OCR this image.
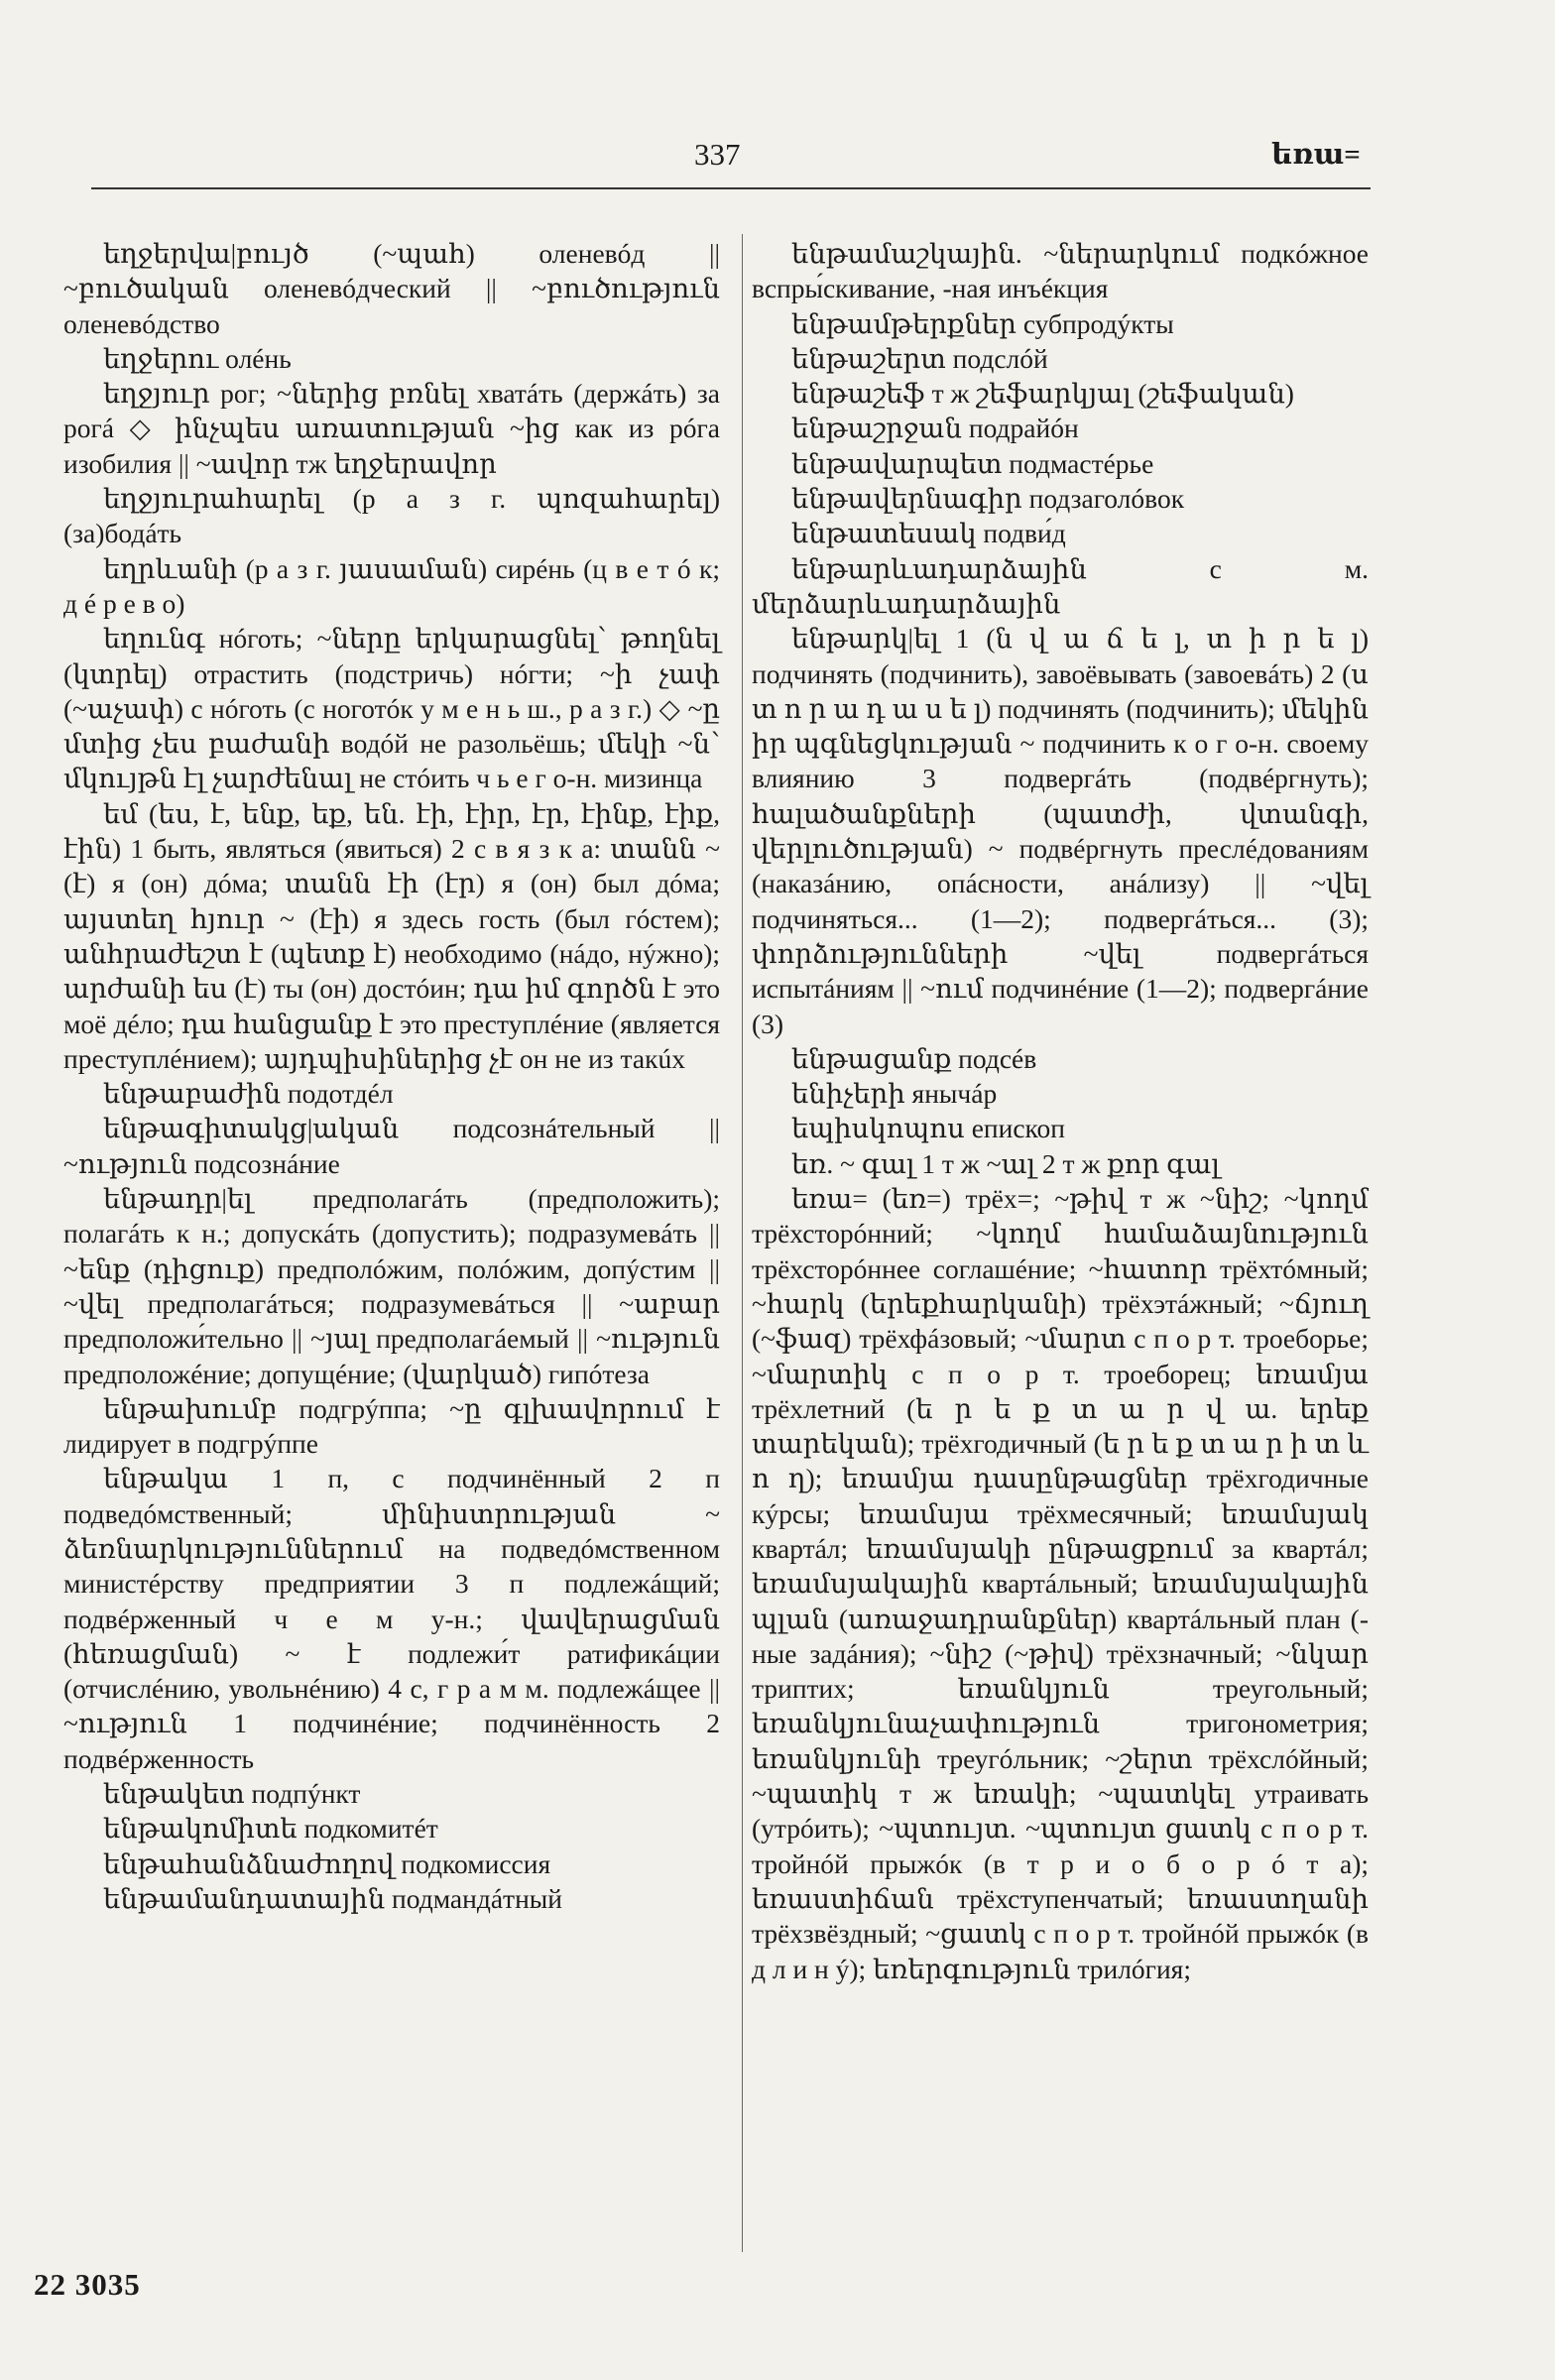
337	եռա=

եղջերվա|բույծ (~պահ) оленевóд || ~բուծական оленевóдческий || ~բուծություն оленевóдство

եղջերու олéнь

եղջյուր рог; ~ներից բռնել хватáть (держáть) за рогá ◇ ինչպես առատության ~ից как из рóга изобилия || ~ավոր тж եղջերավոր

եղջյուրահարել (р а з г. պոզահարել) (за)бодáть

եղրևանի (р а з г. յասաման) сирéнь (ц в е т ó к; д é р е в о)

եղունգ нóготь; ~ները երկարացնել՝ թողնել (կտրել) отрастить (подстричь) нóгти; ~ի չափ (~աչափ) с нóготь (с ноготóк у м е н ь ш., р а з г.) ◇ ~ը մտից չես բաժանի водóй не разольёшь; մեկի ~ն՝ մկույթն էլ չարժենալ не стóить ч ь е г о-н. мизинца

եմ (ես, է, ենք, եք, են. էի, էիր, էր, էինք, էիք, էին) 1 быть, являться (явиться) 2 с в я з к а: տանն ~ (է) я (он) дóма; տանն էի (էր) я (он) был дóма; այստեղ հյուր ~ (էի) я здесь гость (был гóстем); անհրաժեշտ է (պետք է) необходимо (нáдо, нýжно); արժանի ես (է) ты (он) достóин; դա իմ գործն է это моё дéло; դա հանցանք է это преступлéние (является преступлéнием); այդպիսիներից չէ он не из такúх

ենթաբաժին подотдéл

ենթագիտակց|ական подсознáтельный || ~ություն подсознáние

ենթադր|ել предполагáть (предположить); полагáть к н.; допускáть (допустить); подразумевáть || ~ենք (դիցուք) предполóжим, полóжим, допýстим || ~վել предполагáться; подразумевáться || ~աբար предположи́тельно || ~յալ предполагáемый || ~ություն предположéние; допущéние; (վարկած) гипóтеза

ենթախումբ подгрýппа; ~ը գլխավորում է лидирует в подгрýппе

ենթակա 1 п, с подчинённый 2 п подведóмственный; մինիստրության ~ ձեռնարկություններում на подведóмственном министéрству предприятии 3 п подлежáщий; подвéрженный ч е м у-н.; վավերացման (հեռացման) ~ է подлежи́т ратификáции (отчислéнию, увольнéнию) 4 с, г р а м м. подлежáщее || ~ություն 1 подчинéние; подчинённость 2 подвéрженность

ենթակետ подпýнкт

ենթակոմիտե подкомитéт

ենթահանձնաժողով подкомиссия

ենթամանդատային подмандáтный

ենթամաշկային. ~ներարկում подкóжное вспры́скивание, -ная инъéкция

ենթամթերքներ субпродýкты

ենթաշերտ подслóй

ենթաշեֆ т ж շեֆարկյալ (շեֆական)

ենթաշրջան подрайóн

ենթավարպետ подмастéрье

ենթավերնագիր подзаголóвок

ենթատեսակ подви́д

ենթարևադարձային с м. մերձարևադարձային

ենթարկ|ել 1 (ն վ ա ճ ե լ, տ ի ր ե լ) подчинять (подчинить), завоёвывать (завоевáть) 2 (ս տ ո ր ա դ ա ս ե լ) подчинять (подчинить); մեկին իր պգնեցկության ~ подчинить к о г о-н. своему влиянию 3 подвергáть (подвéргнуть); հալածանքների (պատժի, վտանգի, վերլուծության) ~ подвéргнуть преслéдованиям (наказáнию, опáсности, анáлизу) || ~վել подчиняться... (1—2); подвергáться... (3); փորձությունների ~վել подвергáться испытáниям || ~ում подчинéние (1—2); подвергáние (3)

ենթացանք подсéв

ենիչերի янычáр

եպիսկոպոս епископ

եռ. ~ գալ 1 т ж ~ալ 2 т ж քոր գալ

եռա= (եռ=) трёх=; ~թիվ т ж ~նիշ; ~կողմ трёхсторóнний; ~կողմ համաձայնություն трёхсторóннее соглашéние; ~հատոր трёхтóмный; ~հարկ (երեքհարկանի) трёхэтáжный; ~ճյուղ (~ֆազ) трёхфáзовый; ~մարտ с п о р т. троеборье; ~մարտիկ с п о р т. троеборец; եռամյա трёхлетний (ե ր ե ք տ ա ր վ ա. երեք տարեկան); трёхгодичный (ե ր ե ք տ ա ր ի տ և ո ղ); եռամյա դասընթացներ трёхгодичные кýрсы; եռամսյա трёхмесячный; եռամսյակ квартáл; եռամսյակի ընթացքում за квартáл; եռամսյակային квартáльный; եռամսյակային պլան (առաջադրանքներ) квартáльный план (-ные задáния); ~նիշ (~թիվ) трёхзначный; ~նկար триптих; եռանկյուն треугольный; եռանկյունաչափություն тригонометрия; եռանկյունի треугóльник; ~շերտ трёхслóйный; ~պատիկ т ж եռակի; ~պատկել утраивать (утрóить); ~պտույտ. ~պտույտ ցատկ с п о р т. тройнóй прыжóк (в т р и о б о р ó т а); եռաստիճան трёхступенчатый; եռաստղանի трёхзвёздный; ~ցատկ с п о р т. тройнóй прыжóк (в д л и н ý); եռերգություն трилóгия;

22 3035
